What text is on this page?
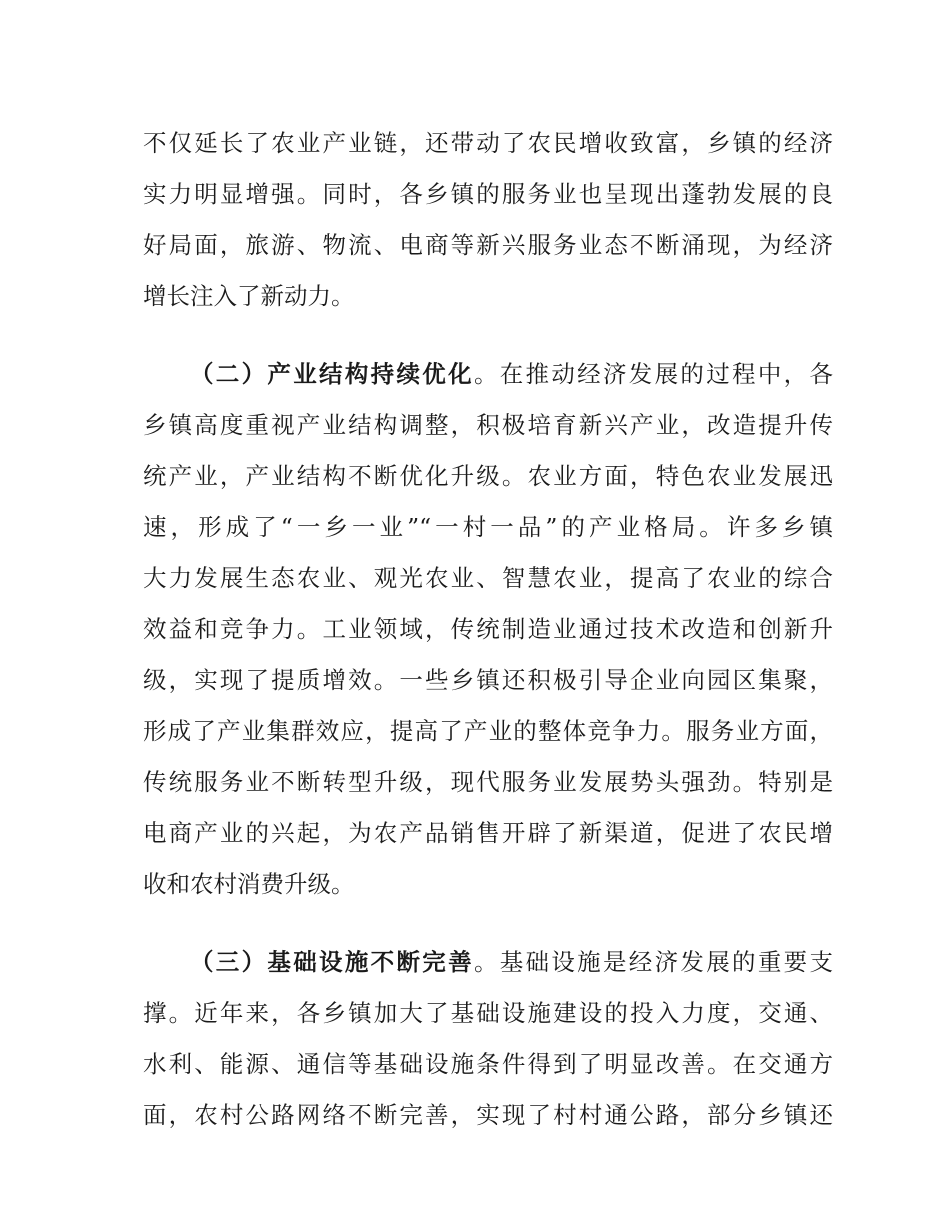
不仅延长了农业产业链，还带动了农民增收致富，乡镇的经济
实力明显增强。同时，各乡镇的服务业也呈现出蓬勃发展的良
好局面，旅游、物流、电商等新兴服务业态不断涌现，为经济
增长注入了新动力。
（二）产业结构持续优化。在推动经济发展的过程中，各
乡镇高度重视产业结构调整，积极培育新兴产业，改造提升传
统产业，产业结构不断优化升级。农业方面，特色农业发展迅
速，形成了“一乡一业”“一村一品”的产业格局。许多乡镇
大力发展生态农业、观光农业、智慧农业，提高了农业的综合
效益和竞争力。工业领域，传统制造业通过技术改造和创新升
级，实现了提质增效。一些乡镇还积极引导企业向园区集聚，
形成了产业集群效应，提高了产业的整体竞争力。服务业方面，
传统服务业不断转型升级，现代服务业发展势头强劲。特别是
电商产业的兴起，为农产品销售开辟了新渠道，促进了农民增
收和农村消费升级。
（三）基础设施不断完善。基础设施是经济发展的重要支
撑。近年来，各乡镇加大了基础设施建设的投入力度，交通、
水利、能源、通信等基础设施条件得到了明显改善。在交通方
面，农村公路网络不断完善，实现了村村通公路，部分乡镇还
